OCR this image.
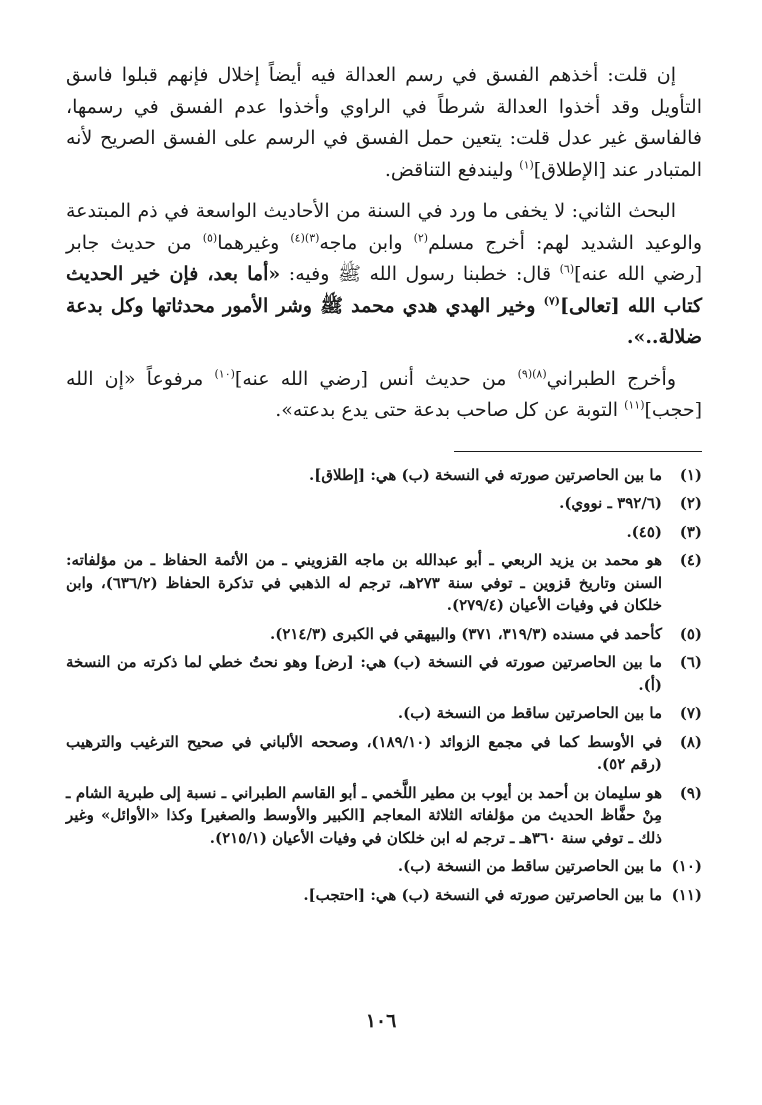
إن قلت: أخذهم الفسق في رسم العدالة فيه أيضاً إخلال فإنهم قبلوا فاسق التأويل وقد أخذوا العدالة شرطاً في الراوي وأخذوا عدم الفسق في رسمها، فالفاسق غير عدل قلت: يتعين حمل الفسق في الرسم على الفسق الصريح لأنه المتبادر عند [الإطلاق]$^{(١)}$ وليندفع التناقض.

البحث الثاني: لا يخفى ما ورد في السنة من الأحاديث الواسعة في ذم المبتدعة والوعيد الشديد لهم: أخرج مسلم$^{(٢)}$ وابن ماجه$^{(٣)(٤)}$ وغيرهما$^{(٥)}$ من حديث جابر [رضي الله عنه]$^{(٦)}$ قال: خطبنا رسول الله ﷺ وفيه: «أما بعد، فإن خير الحديث كتاب الله [تعالى]$^{(٧)}$ وخير الهدي هدي محمد ﷺ وشر الأمور محدثاتها وكل بدعة ضلالة..».

وأخرج الطبراني$^{(٨)(٩)}$ من حديث أنس [رضي الله عنه]$^{(١٠)}$ مرفوعاً «إن الله [حجب]$^{(١١)}$ التوبة عن كل صاحب بدعة حتى يدع بدعته».

(١)
ما بين الحاصرتين صورته في النسخة (ب) هي: [إطلاق].
(٢)
(٣٩٢/٦ ـ نووي).
(٣)
(٤٥).
(٤)
هو محمد بن يزيد الربعي ـ أبو عبدالله بن ماجه القزويني ـ من الأئمة الحفاظ ـ من مؤلفاته: السنن وتاريخ قزوين ـ توفي سنة ٢٧٣هـ، ترجم له الذهبي في تذكرة الحفاظ (٦٣٦/٢)، وابن خلكان في وفيات الأعيان (٢٧٩/٤).
(٥)
كأحمد في مسنده (٣١٩/٣، ٣٧١) والبيهقي في الكبرى (٢١٤/٣).
(٦)
ما بين الحاصرتين صورته في النسخة (ب) هي: [رض] وهو نحتُ خطي لما ذكرته من النسخة (أ).
(٧)
ما بين الحاصرتين ساقط من النسخة (ب).
(٨)
في الأوسط كما في مجمع الزوائد (١٨٩/١٠)، وصححه الألباني في صحيح الترغيب والترهيب (رقم ٥٢).
(٩)
هو سليمان بن أحمد بن أيوب بن مطير اللَّخمي ـ أبو القاسم الطبراني ـ نسبة إلى طبرية الشام ـ مِنْ حفَّاظ الحديث من مؤلفاته الثلاثة المعاجم [الكبير والأوسط والصغير] وكذا «الأوائل» وغير ذلك ـ توفي سنة ٣٦٠هـ ـ ترجم له ابن خلكان في وفيات الأعيان (٢١٥/١).
(١٠)
ما بين الحاصرتين ساقط من النسخة (ب).
(١١)
ما بين الحاصرتين صورته في النسخة (ب) هي: [احتجب].
١٠٦
